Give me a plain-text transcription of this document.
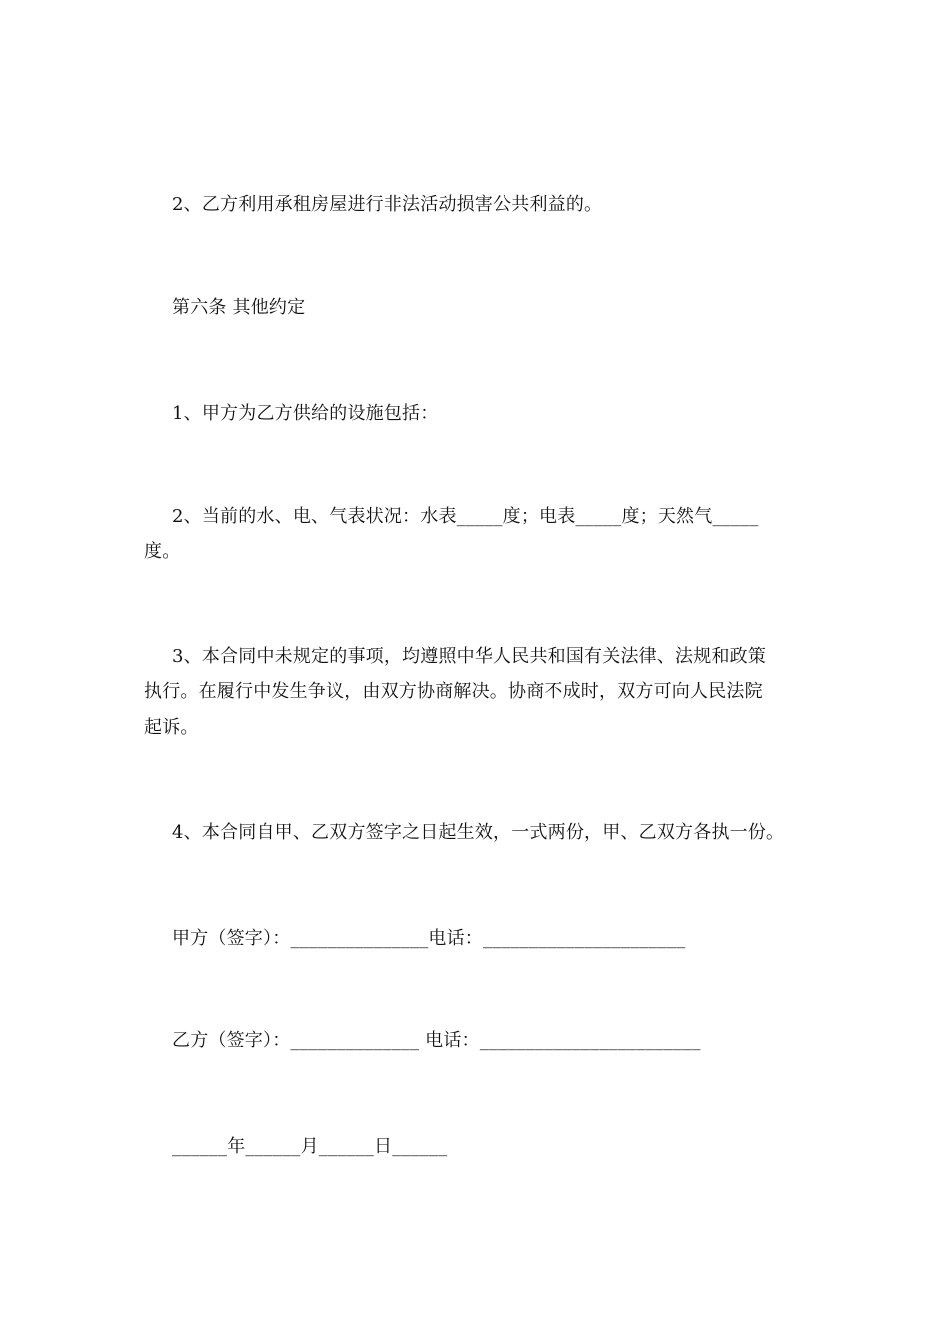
2、乙方利用承租房屋进行非法活动损害公共利益的。
第六条 其他约定
1、甲方为乙方供给的设施包括：
2、当前的水、电、气表状况：水表_____度；电表_____度；天然气_____
度。
3、本合同中未规定的事项，均遵照中华人民共和国有关法律、法规和政策
执行。在履行中发生争议，由双方协商解决。协商不成时，双方可向人民法院
起诉。
4、本合同自甲、乙双方签字之日起生效，一式两份，甲、乙双方各执一份。
甲方（签字）：_______________电话：______________________
乙方（签字）：______________ 电话：________________________
______年______月______日______
